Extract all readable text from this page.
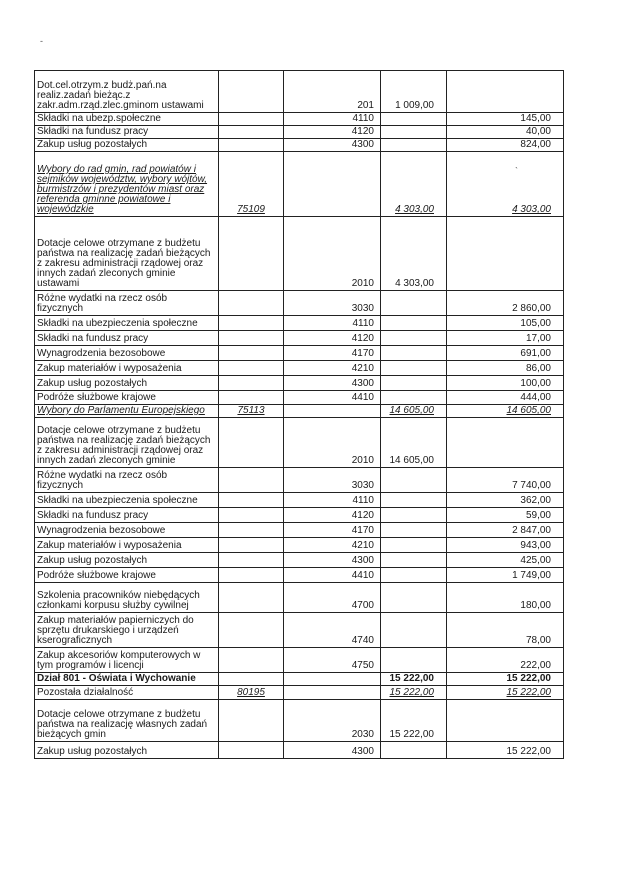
-
`
Dot.cel.otrzym.z budż.pań.na
realiz.zadań bieżąc.z
zakr.adm.rząd.zlec.gminom ustawami		201	1 009,00	
Składki na ubezp.społeczne		4110		145,00
Składki na fundusz pracy		4120		40,00
Zakup usług pozostałych		4300		824,00
Wybory do rad gmin, rad powiatów i
sejmików województw, wybory wójtów,
burmistrzów i prezydentów miast oraz
referenda gminne powiatowe i
wojewódzkie	75109		4 303,00	4 303,00
Dotacje celowe otrzymane z budżetu
państwa na realizację zadań bieżących
z zakresu administracji rządowej oraz
innych zadań zleconych gminie
ustawami		2010	4 303,00	
Różne wydatki na rzecz osób
fizycznych		3030		2 860,00
Składki na ubezpieczenia społeczne		4110		105,00
Składki na fundusz pracy		4120		17,00
Wynagrodzenia bezosobowe		4170		691,00
Zakup materiałów i wyposażenia		4210		86,00
Zakup usług pozostałych		4300		100,00
Podróże służbowe krajowe		4410		444,00
Wybory do Parlamentu Europejskiego	75113		14 605,00	14 605,00
Dotacje celowe otrzymane z budżetu
państwa na realizację zadań bieżących
z zakresu administracji rządowej oraz
innych zadań zleconych gminie		2010	14 605,00	
Różne wydatki na rzecz osób
fizycznych		3030		7 740,00
Składki na ubezpieczenia społeczne		4110		362,00
Składki na fundusz pracy		4120		59,00
Wynagrodzenia bezosobowe		4170		2 847,00
Zakup materiałów i wyposażenia		4210		943,00
Zakup usług pozostałych		4300		425,00
Podróże służbowe krajowe		4410		1 749,00
Szkolenia pracowników niebędących
członkami korpusu służby cywilnej		4700		180,00
Zakup materiałów papierniczych do
sprzętu drukarskiego i urządzeń
kserograficznych		4740		78,00
Zakup akcesoriów komputerowych w
tym programów i licencji		4750		222,00
Dział 801 - Oświata i Wychowanie			15 222,00	15 222,00
Pozostała działalność	80195		15 222,00	15 222,00
Dotacje celowe otrzymane z budżetu
państwa na realizację własnych zadań
bieżących gmin		2030	15 222,00	
Zakup usług pozostałych		4300		15 222,00
